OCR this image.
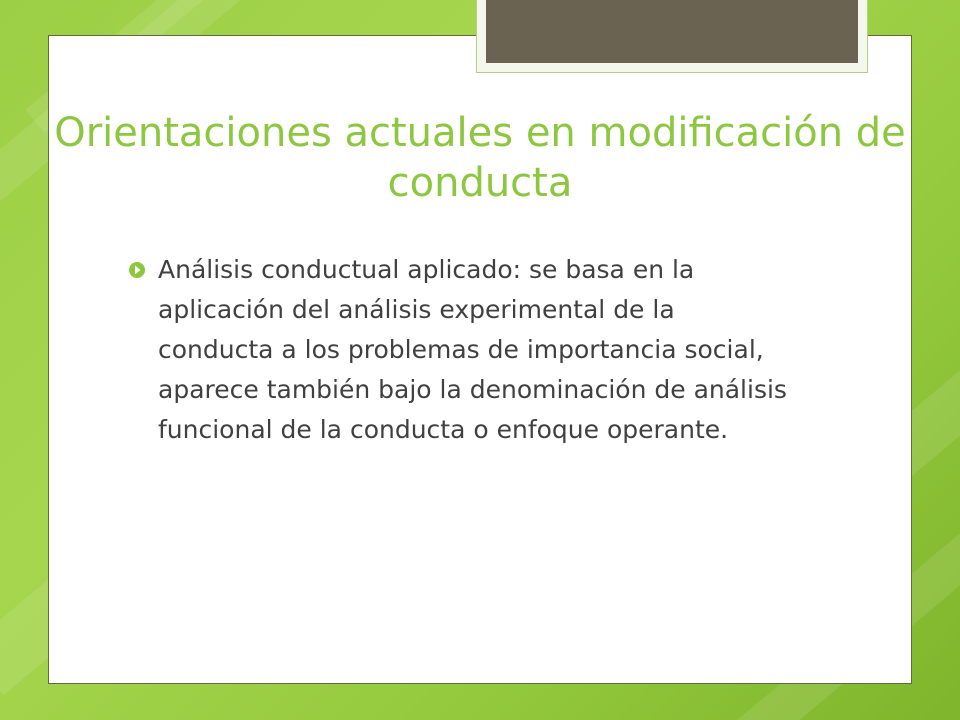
Orientaciones actuales en modificación de conducta
Análisis conductual aplicado: se basa en la aplicación del análisis experimental de la conducta a los problemas de importancia social, aparece también bajo la denominación de análisis funcional de la conducta o enfoque operante.
